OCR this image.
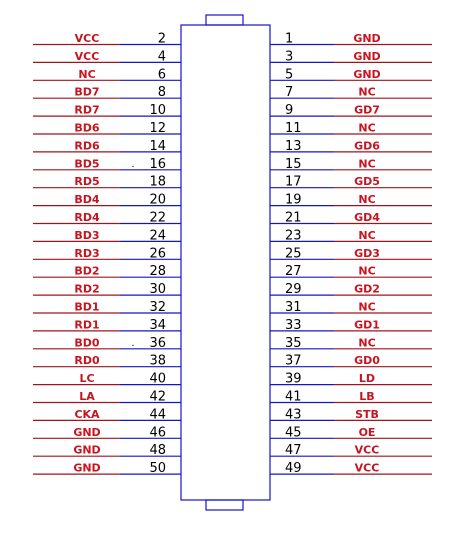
VCC	2	1	GND
VCC	4	3	GND
NC	6	5	GND
BD7	8	7	NC
RD7	10	9	GD7
BD6	12	11	NC
RD6	14	13	GD6
BD5	16	15	NC
.
RD5	18	17	GD5
BD4	20	19	NC
RD4	22	21	GD4
BD3	24	23	NC
RD3	26	25	GD3
BD2	28	27	NC
RD2	30	29	GD2
BD1	32	31	NC
RD1	34	33	GD1
BD0	36	35	NC
.
RD0	38	37	GD0
LC	40	39	LD
LA	42	41	LB
CKA	44	43	STB
GND	46	45	OE
GND	48	47	VCC
GND	50	49	VCC
